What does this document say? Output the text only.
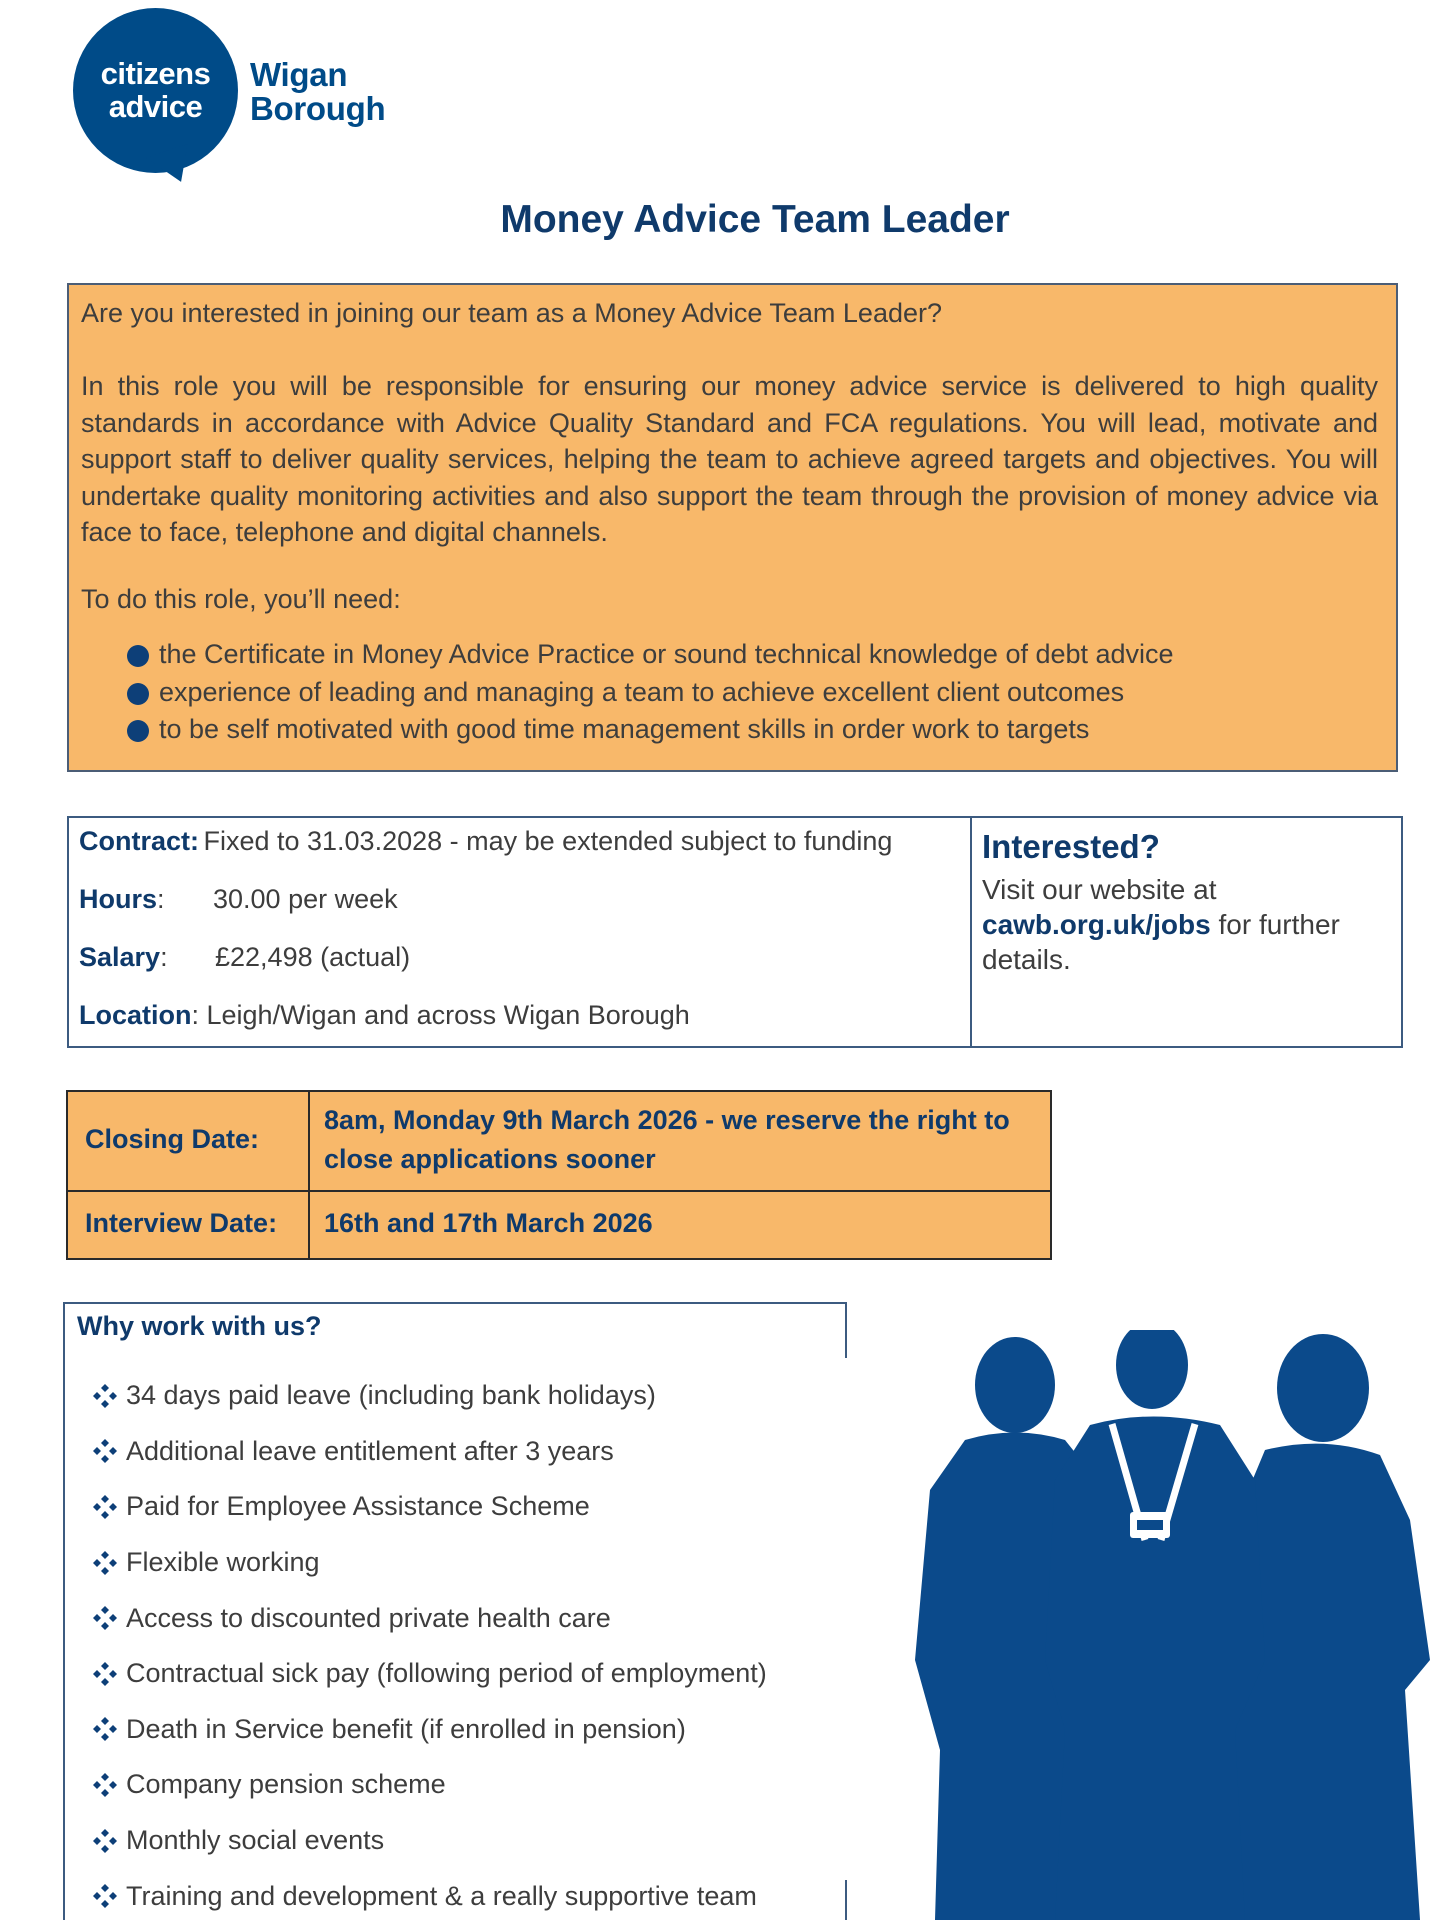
citizens
advice
Wigan
Borough
Money Advice Team Leader

Are you interested in joining our team as a Money Advice Team Leader?

In this role you will be responsible for ensuring our money advice service is delivered to high quality standards in accordance with Advice Quality Standard and FCA regulations. You will lead, motivate and support staff to deliver quality services, helping the team to achieve agreed targets and objectives. You will undertake quality monitoring activities and also support the team through the provision of money advice via face to face, telephone and digital channels.

To do this role, you’ll need:

the Certificate in Money Advice Practice or sound technical knowledge of debt advice
experience of leading and managing a team to achieve excellent client outcomes
to be self motivated with good time management skills in order work to targets
Contract: Fixed to 31.03.2028 - may be extended subject to funding
Hours: 30.00 per week
Salary: £22,498 (actual)
Location: Leigh/Wigan and across Wigan Borough
Interested?
Visit our website at
cawb.org.uk/jobs for further details.
Closing Date:
8am, Monday 9th March 2026 - we reserve the right to close applications sooner
Interview Date: 16th and 17th March 2026
Why work with us?
34 days paid leave (including bank holidays)
Additional leave entitlement after 3 years
Paid for Employee Assistance Scheme
Flexible working
Access to discounted private health care
Contractual sick pay (following period of employment)
Death in Service benefit (if enrolled in pension)
Company pension scheme
Monthly social events
Training and development & a really supportive team
